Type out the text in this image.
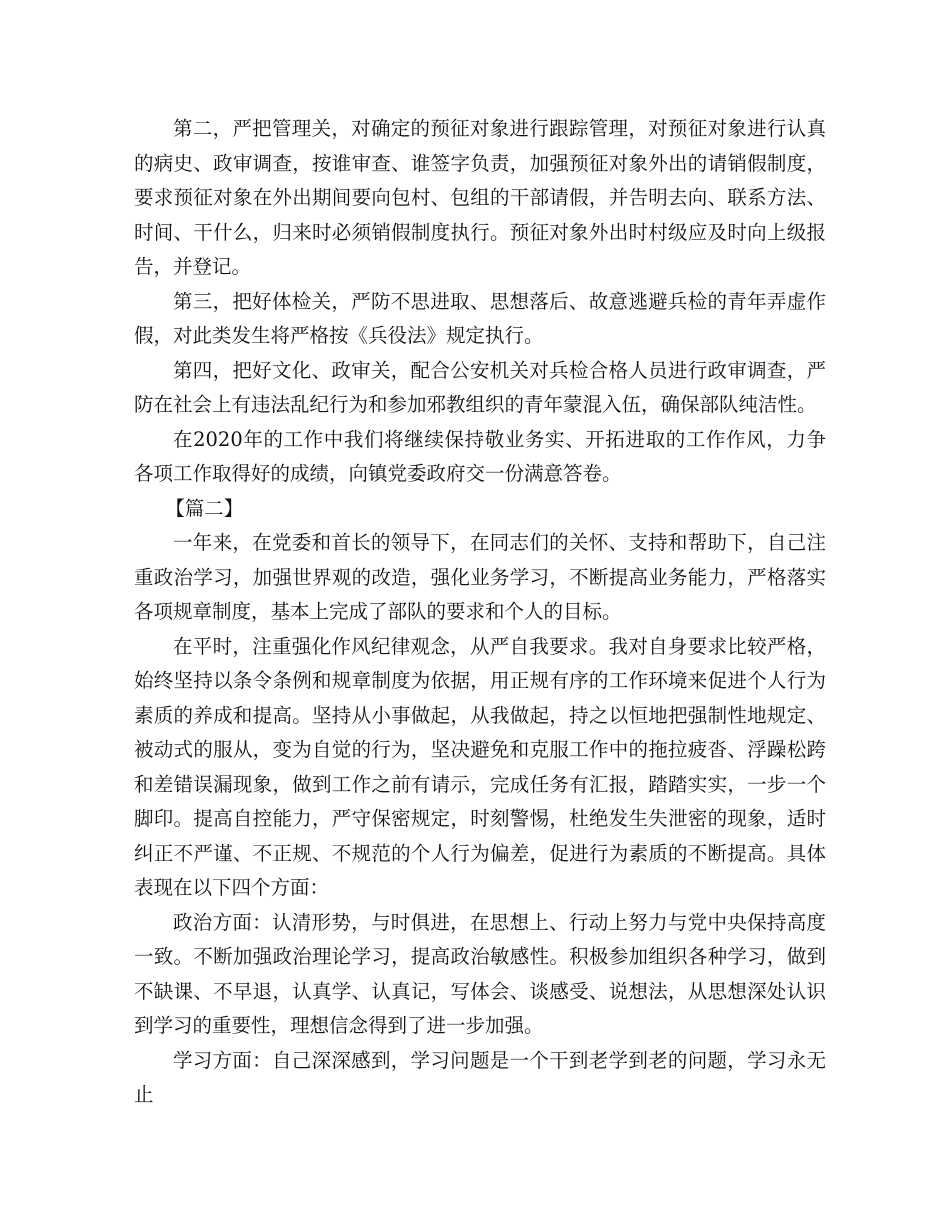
第二，严把管理关，对确定的预征对象进行跟踪管理，对预征对象进行认真的病史、政审调查，按谁审查、谁签字负责，加强预征对象外出的请销假制度，要求预征对象在外出期间要向包村、包组的干部请假，并告明去向、联系方法、时间、干什么，归来时必须销假制度执行。预征对象外出时村级应及时向上级报告，并登记。

第三，把好体检关，严防不思进取、思想落后、故意逃避兵检的青年弄虚作假，对此类发生将严格按《兵役法》规定执行。

第四，把好文化、政审关，配合公安机关对兵检合格人员进行政审调查，严防在社会上有违法乱纪行为和参加邪教组织的青年蒙混入伍，确保部队纯洁性。

在2020年的工作中我们将继续保持敬业务实、开拓进取的工作作风，力争各项工作取得好的成绩，向镇党委政府交一份满意答卷。

【篇二】

一年来，在党委和首长的领导下，在同志们的关怀、支持和帮助下，自己注重政治学习，加强世界观的改造，强化业务学习，不断提高业务能力，严格落实各项规章制度，基本上完成了部队的要求和个人的目标。

在平时，注重强化作风纪律观念，从严自我要求。我对自身要求比较严格，始终坚持以条令条例和规章制度为依据，用正规有序的工作环境来促进个人行为素质的养成和提高。坚持从小事做起，从我做起，持之以恒地把强制性地规定、被动式的服从，变为自觉的行为，坚决避免和克服工作中的拖拉疲沓、浮躁松跨和差错误漏现象，做到工作之前有请示，完成任务有汇报，踏踏实实，一步一个脚印。提高自控能力，严守保密规定，时刻警惕，杜绝发生失泄密的现象，适时纠正不严谨、不正规、不规范的个人行为偏差，促进行为素质的不断提高。具体表现在以下四个方面：

政治方面：认清形势，与时俱进，在思想上、行动上努力与党中央保持高度一致。不断加强政治理论学习，提高政治敏感性。积极参加组织各种学习，做到不缺课、不早退，认真学、认真记，写体会、谈感受、说想法，从思想深处认识到学习的重要性，理想信念得到了进一步加强。

学习方面：自己深深感到，学习问题是一个干到老学到老的问题，学习永无止
